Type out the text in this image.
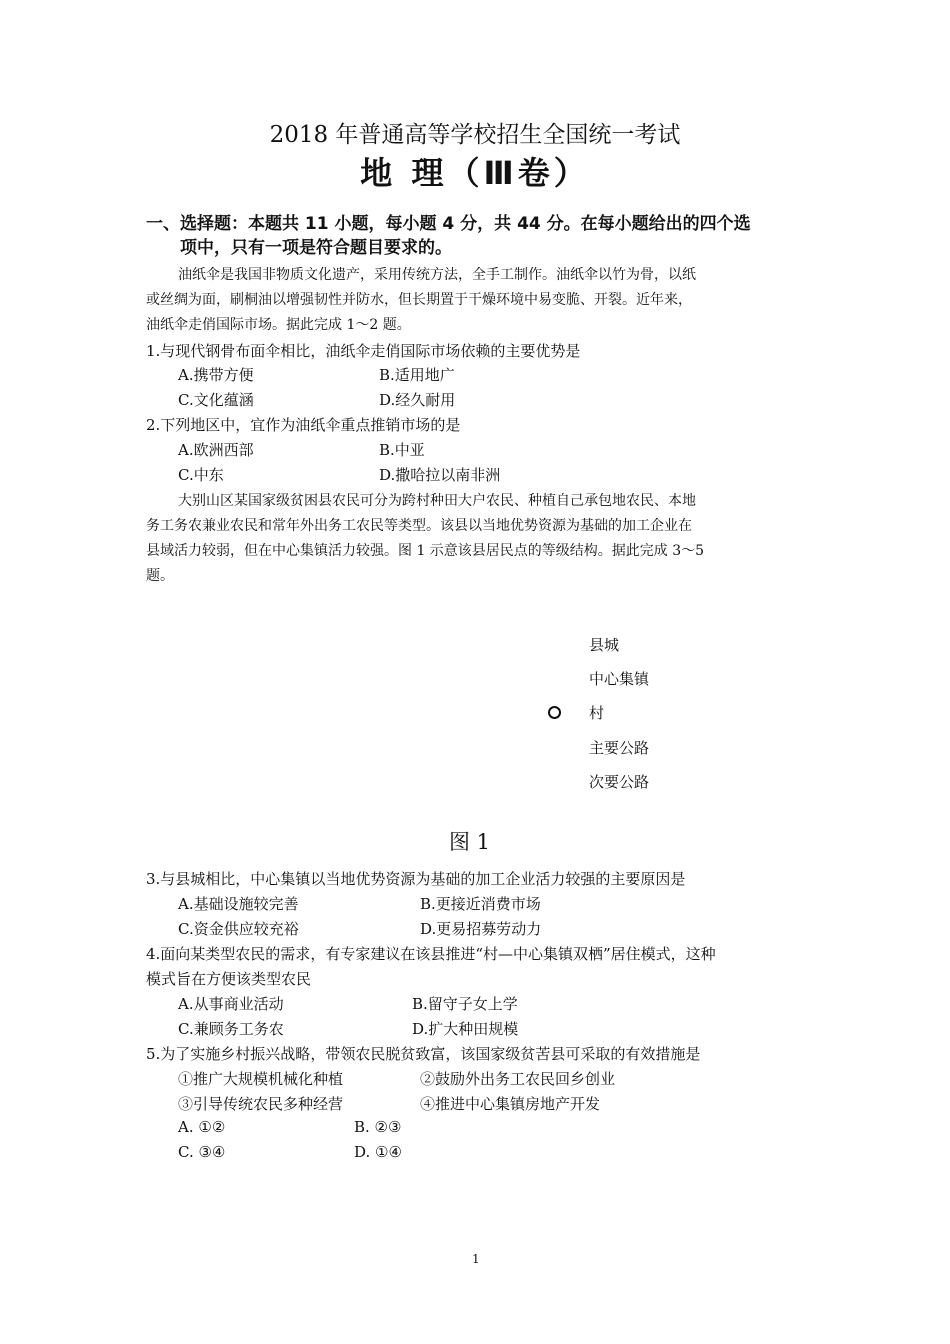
2018 年普通高等学校招生全国统一考试
地 理（Ⅲ卷）
一、选择题：本题共 11 小题，每小题 4 分，共 44 分。在每小题给出的四个选
项中，只有一项是符合题目要求的。
油纸伞是我国非物质文化遗产，采用传统方法，全手工制作。油纸伞以竹为骨，以纸
或丝绸为面，刷桐油以增强韧性并防水，但长期置于干燥环境中易变脆、开裂。近年来，
油纸伞走俏国际市场。据此完成 1～2 题。
1.与现代钢骨布面伞相比，油纸伞走俏国际市场依赖的主要优势是
A.携带方便	B.适用地广
C.文化蕴涵	D.经久耐用
2.下列地区中，宜作为油纸伞重点推销市场的是
A.欧洲西部	B.中亚
C.中东	D.撒哈拉以南非洲
大别山区某国家级贫困县农民可分为跨村种田大户农民、种植自己承包地农民、本地
务工务农兼业农民和常年外出务工农民等类型。该县以当地优势资源为基础的加工企业在
县域活力较弱，但在中心集镇活力较强。图 1 示意该县居民点的等级结构。据此完成 3～5
题。
县城
中心集镇
村
主要公路
次要公路
图 1
3.与县城相比，中心集镇以当地优势资源为基础的加工企业活力较强的主要原因是
A.基础设施较完善	B.更接近消费市场
C.资金供应较充裕	D.更易招募劳动力
4.面向某类型农民的需求，有专家建议在该县推进“村—中心集镇双栖”居住模式，这种
模式旨在方便该类型农民
A.从事商业活动	B.留守子女上学
C.兼顾务工务农	D.扩大种田规模
5.为了实施乡村振兴战略，带领农民脱贫致富，该国家级贫苦县可采取的有效措施是
①推广大规模机械化种植	②鼓励外出务工农民回乡创业
③引导传统农民多种经营	④推进中心集镇房地产开发
A. ①②	B. ②③
C. ③④	D. ①④
1
